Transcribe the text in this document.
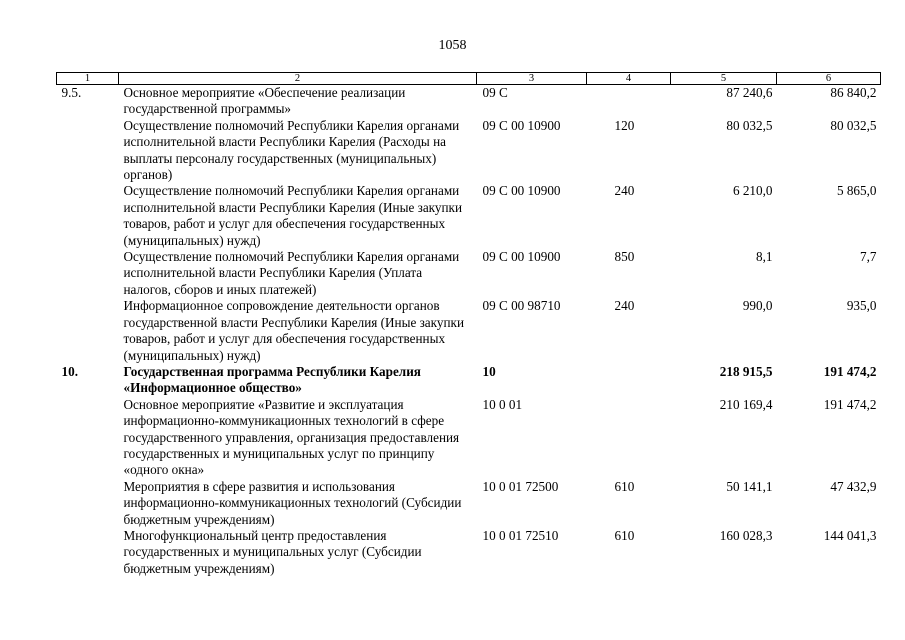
1058
1	2	3	4	5	6
9.5.	Основное мероприятие «Обеспечение реализации государственной программы»	09 С		87 240,6	86 840,2
	Осуществление полномочий Республики Карелия органами исполнительной власти Республики Карелия (Расходы на выплаты персоналу государственных (муниципальных) органов)	09 С 00 10900	120	80 032,5	80 032,5
	Осуществление полномочий Республики Карелия органами исполнительной власти Республики Карелия (Иные закупки товаров, работ и услуг для обеспечения государственных (муниципальных) нужд)	09 С 00 10900	240	6 210,0	5 865,0
	Осуществление полномочий Республики Карелия органами исполнительной власти Республики Карелия (Уплата налогов, сборов и иных платежей)	09 С 00 10900	850	8,1	7,7
	Информационное сопровождение деятельности органов государственной власти Республики Карелия (Иные закупки товаров, работ и услуг для обеспечения государственных (муниципальных) нужд)	09 С 00 98710	240	990,0	935,0
10.	Государственная программа Республики Карелия «Информационное общество»	10		218 915,5	191 474,2
	Основное мероприятие «Развитие и эксплуатация информационно-коммуникационных технологий в сфере государственного управления, организация предоставления государственных и муниципальных услуг по принципу «одного окна»	10 0 01		210 169,4	191 474,2
	Мероприятия в сфере развития и использования информационно-коммуникационных технологий (Субсидии бюджетным учреждениям)	10 0 01 72500	610	50 141,1	47 432,9
	Многофункциональный центр предоставления государственных и муниципальных услуг (Субсидии бюджетным учреждениям)	10 0 01 72510	610	160 028,3	144 041,3
